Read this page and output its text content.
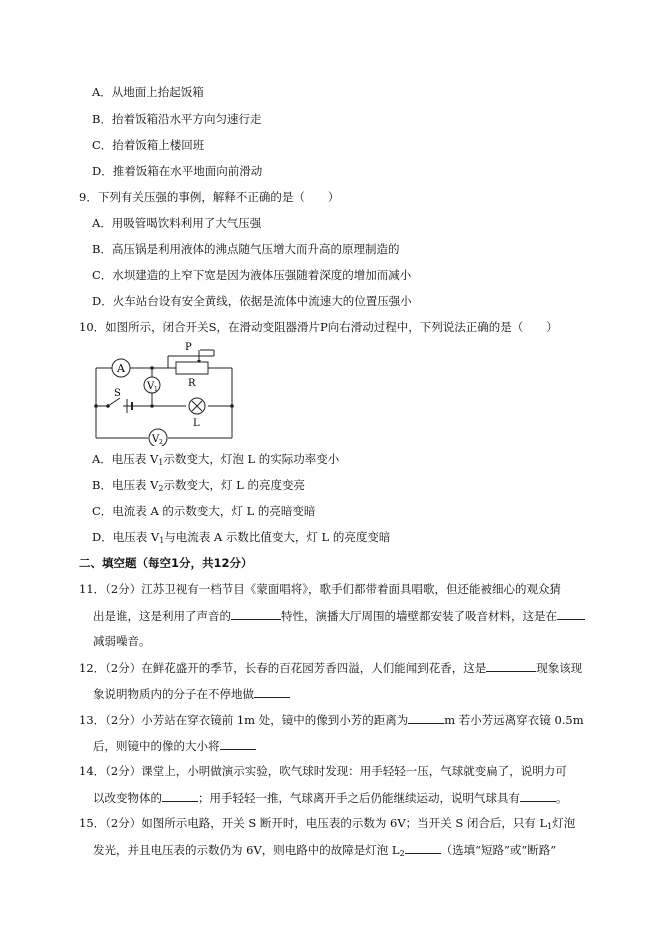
A．从地面上抬起饭箱
B．抬着饭箱沿水平方向匀速行走
C．抬着饭箱上楼回班
D．推着饭箱在水平地面向前滑动
9．下列有关压强的事例，解释不正确的是（　　）
A．用吸管喝饮料利用了大气压强
B．高压锅是利用液体的沸点随气压增大而升高的原理制造的
C．水坝建造的上窄下宽是因为液体压强随着深度的增加而减小
D．火车站台设有安全黄线，依据是流体中流速大的位置压强小
10．如图所示，闭合开关S，在滑动变阻器滑片P向右滑动过程中，下列说法正确的是（　　）
A
V 1
V 2
P
R
S
L
A．电压表 $V_1$示数变大，灯泡 L 的实际功率变小
B．电压表 $V_2$示数变大，灯 L 的亮度变亮
C．电流表 A 的示数变大，灯 L 的亮暗变暗
D．电压表 $V_1$与电流表 A 示数比值变大，灯 L 的亮度变暗
二、填空题（每空1分，共12分）
11．（2分）江苏卫视有一档节目《蒙面唱将》，歌手们都带着面具唱歌，但还能被细心的观众猜
出是谁，这是利用了声音的	特性，演播大厅周围的墙壁都安装了吸音材料，这是在
减弱噪音。
12．（2分）在鲜花盛开的季节，长春的百花园芳香四溢，人们能闻到花香，这是	现象该现
象说明物质内的分子在不停地做
13．（2分）小芳站在穿衣镜前 1m 处，镜中的像到小芳的距离为	m 若小芳远离穿衣镜 0.5m
后，则镜中的像的大小将
14．（2分）课堂上，小明做演示实验，吹气球时发现：用手轻轻一压，气球就变扁了，说明力可
以改变物体的	；用手轻轻一推，气球离开手之后仍能继续运动，说明气球具有	。
15．（2分）如图所示电路，开关 S 断开时，电压表的示数为 6V；当开关 S 闭合后，只有 $L_1$灯泡
发光，并且电压表的示数仍为 6V，则电路中的故障是灯泡 $L_2$	（选填“短路”或“断路”
